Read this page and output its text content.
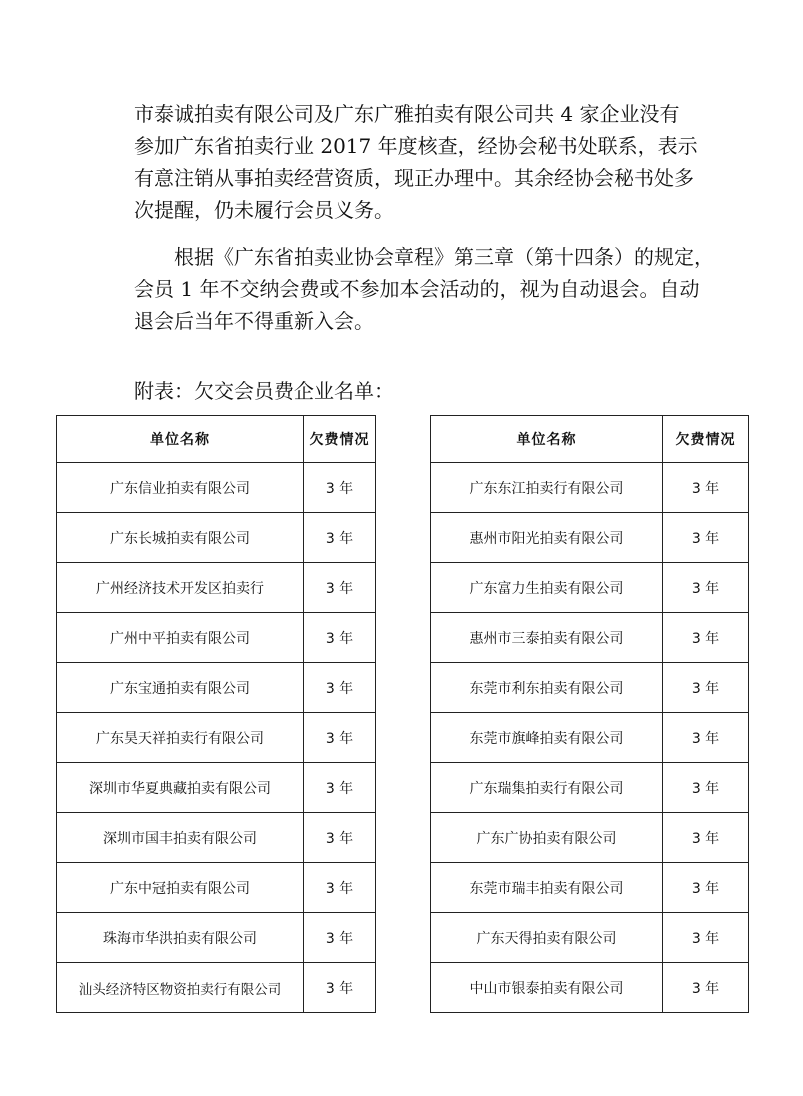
市泰诚拍卖有限公司及广东广雅拍卖有限公司共 4 家企业没有
参加广东省拍卖行业 2017 年度核查，经协会秘书处联系，表示
有意注销从事拍卖经营资质，现正办理中。其余经协会秘书处多
次提醒，仍未履行会员义务。

根据《广东省拍卖业协会章程》第三章（第十四条）的规定，
会员 1 年不交纳会费或不参加本会活动的，视为自动退会。自动
退会后当年不得重新入会。

附表：欠交会员费企业名单：
单位名称	欠费情况
广东信业拍卖有限公司	3 年
广东长城拍卖有限公司	3 年
广州经济技术开发区拍卖行	3 年
广州中平拍卖有限公司	3 年
广东宝通拍卖有限公司	3 年
广东昊天祥拍卖行有限公司	3 年
深圳市华夏典藏拍卖有限公司	3 年
深圳市国丰拍卖有限公司	3 年
广东中冠拍卖有限公司	3 年
珠海市华洪拍卖有限公司	3 年
汕头经济特区物资拍卖行有限公司	3 年
单位名称	欠费情况
广东东江拍卖行有限公司	3 年
惠州市阳光拍卖有限公司	3 年
广东富力生拍卖有限公司	3 年
惠州市三泰拍卖有限公司	3 年
东莞市利东拍卖有限公司	3 年
东莞市旗峰拍卖有限公司	3 年
广东瑞集拍卖行有限公司	3 年
广东广协拍卖有限公司	3 年
东莞市瑞丰拍卖有限公司	3 年
广东天得拍卖有限公司	3 年
中山市银泰拍卖有限公司	3 年
